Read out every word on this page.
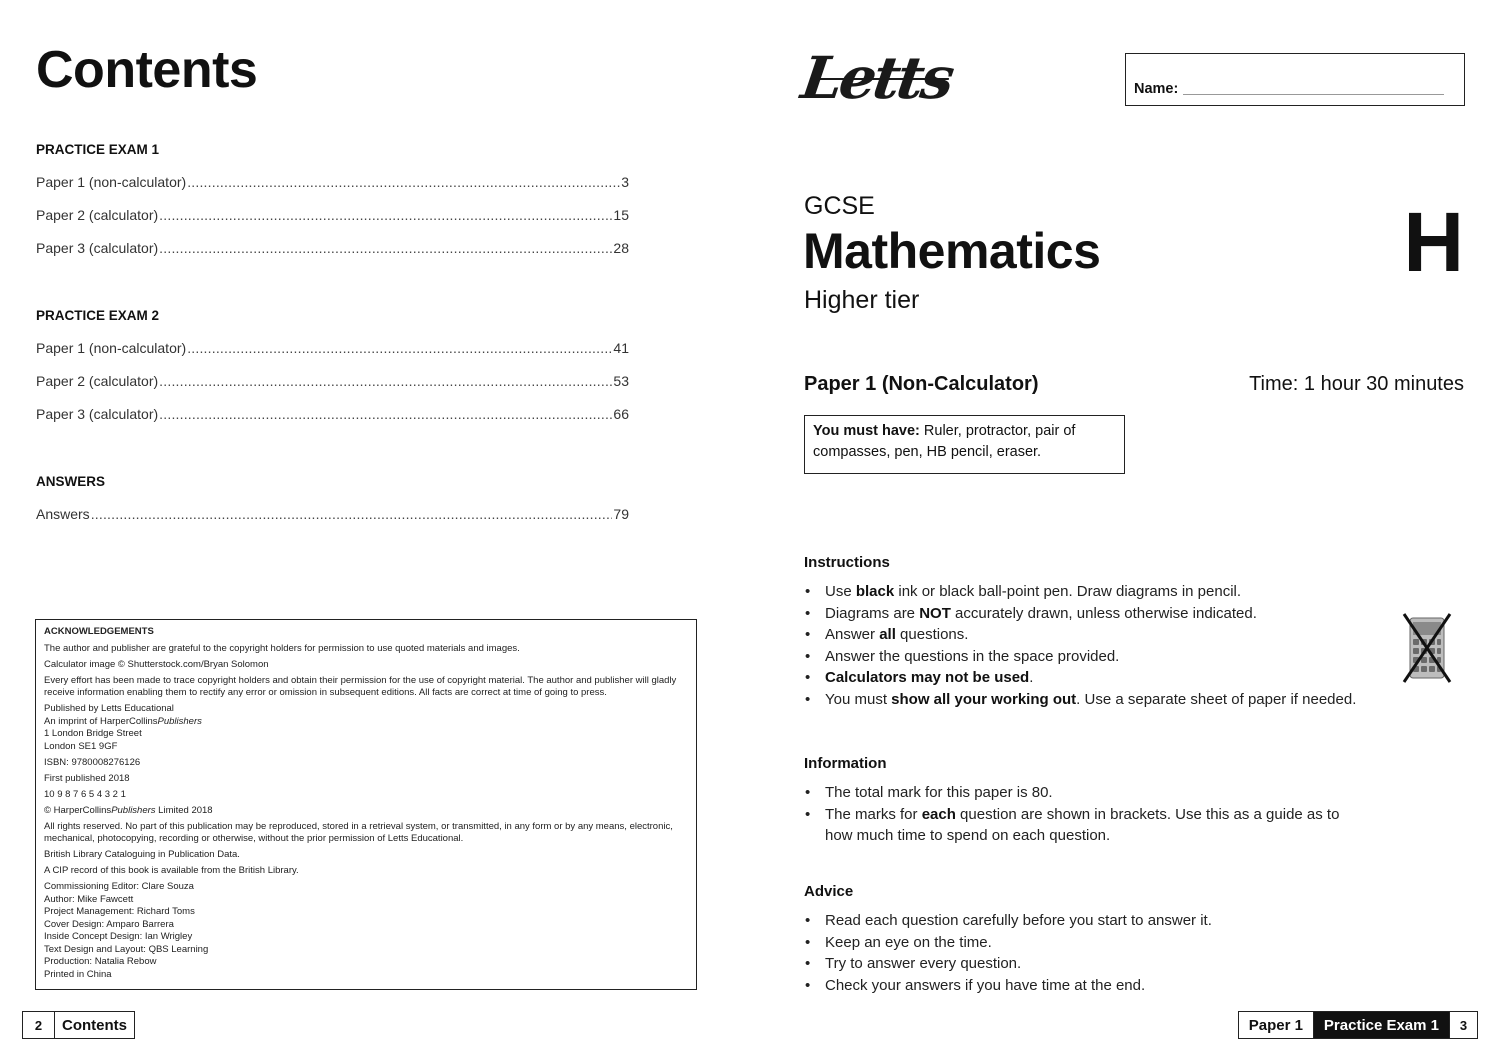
Contents
PRACTICE EXAM 1
Paper 1 (non-calculator) .....	3
Paper 2 (calculator) .....	15
Paper 3 (calculator) .....	28
PRACTICE EXAM 2
Paper 1 (non-calculator) .....	41
Paper 2 (calculator) .....	53
Paper 3 (calculator) .....	66
ANSWERS
Answers .....	79
ACKNOWLEDGEMENTS

The author and publisher are grateful to the copyright holders for permission to use quoted materials and images.

Calculator image © Shutterstock.com/Bryan Solomon

Every effort has been made to trace copyright holders and obtain their permission for the use of copyright material. The author and publisher will gladly receive information enabling them to rectify any error or omission in subsequent editions. All facts are correct at time of going to press.

Published by Letts Educational
An imprint of HarperCollinsPublishers
1 London Bridge Street
London SE1 9GF

ISBN: 9780008276126

First published 2018

10 9 8 7 6 5 4 3 2 1

© HarperCollinsPublishers Limited 2018

All rights reserved. No part of this publication may be reproduced, stored in a retrieval system, or transmitted, in any form or by any means, electronic, mechanical, photocopying, recording or otherwise, without the prior permission of Letts Educational.

British Library Cataloguing in Publication Data.

A CIP record of this book is available from the British Library.

Commissioning Editor: Clare Souza
Author: Mike Fawcett
Project Management: Richard Toms
Cover Design: Amparo Barrera
Inside Concept Design: Ian Wrigley
Text Design and Layout: QBS Learning
Production: Natalia Rebow
Printed in China

2	Contents
Letts	Name:
GCSE
Mathematics	H
Higher tier
Paper 1 (Non-Calculator)	Time: 1 hour 30 minutes
You must have: Ruler, protractor, pair of compasses, pen, HB pencil, eraser.
Instructions
• Use black ink or black ball-point pen. Draw diagrams in pencil.
• Diagrams are NOT accurately drawn, unless otherwise indicated.
• Answer all questions.
• Answer the questions in the space provided.
• Calculators may not be used.
• You must show all your working out. Use a separate sheet of paper if needed.
Information
• The total mark for this paper is 80.
• The marks for each question are shown in brackets. Use this as a guide as to how much time to spend on each question.
Advice
• Read each question carefully before you start to answer it.
• Keep an eye on the time.
• Try to answer every question.
• Check your answers if you have time at the end.
Paper 1	Practice Exam 1	3
